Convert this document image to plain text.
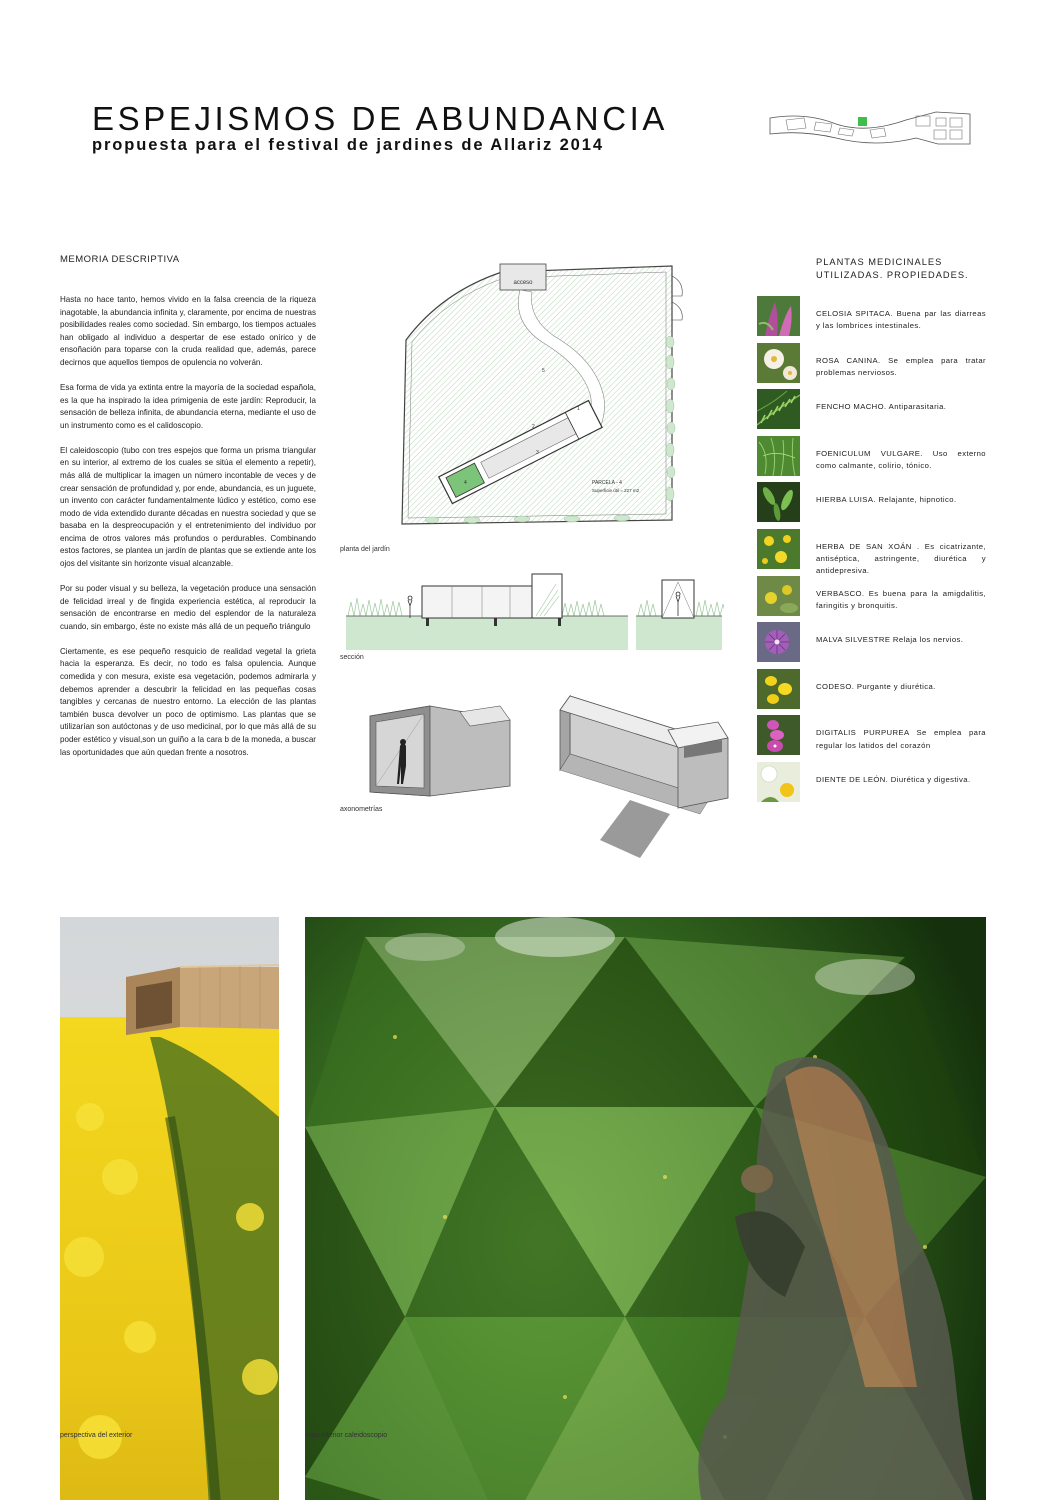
ESPEJISMOS DE ABUNDANCIA
propuesta para el festival de jardines de Allariz 2014
MEMORIA DESCRIPTIVA

Hasta no hace tanto, hemos vivido en la falsa creencia de la riqueza inagotable, la abundancia infinita y, claramente, por encima de nuestras posibilidades reales como sociedad. Sin embargo, los tiempos actuales han obligado al individuo a despertar de ese estado onírico y de ensoñación para toparse con la cruda realidad que, además, parece decirnos que aquellos tiempos de opulencia no volverán.

Esa forma de vida ya extinta entre la mayoría de la sociedad española, es la que ha inspirado la idea primigenia de este jardín: Reproducir, la sensación de belleza infinita, de abundancia eterna, mediante el uso de un instrumento como es el calidoscopio.

El caleidoscopio (tubo con tres espejos que forma un prisma triangular en su interior, al extremo de los cuales se sitúa el elemento a repetir), más allá de multiplicar la imagen un número incontable de veces y de crear sensación de profundidad y, por ende, abundancia, es un juguete, un invento con carácter fundamentalmente lúdico y estético, como ese modo de vida extendido durante décadas en nuestra sociedad y que se basaba en la despreocupación y el entretenimiento del individuo por encima de otros valores más profundos o perdurables. Combinando estos factores, se plantea un jardín de plantas que se extiende ante los ojos del visitante sin horizonte visual alcanzable.

Por su poder visual y su belleza, la vegetación produce una sensación de felicidad irreal y de fingida experiencia estética, al reproducir la sensación de encontrarse en medio del esplendor de la naturaleza cuando, sin embargo, éste no existe más allá de un pequeño triángulo

Ciertamente, es ese pequeño resquicio de realidad vegetal la grieta hacia la esperanza. Es decir, no todo es falsa opulencia. Aunque comedida y con mesura, existe esa vegetación, podemos admirarla y debemos aprender a descubrir la felicidad en las pequeñas cosas tangibles y cercanas de nuestro entorno. La elección de las plantas también busca devolver un poco de optimismo. Las plantas que se utilizarían son autóctonas y de uso medicinal, por lo que más allá de su poder estético y visual,son un guiño a la cara b de la moneda, a buscar las oportunidades que aún quedan frente a nosotros.

acceso
1
2
3
4
5
PARCELA - 4
Superficie útil = 227 m2
planta del jardín
sección
axonometrías
PLANTAS MEDICINALES
UTILIZADAS. PROPIEDADES.
CELOSIA SPITACA. Buena par las diarreas y las lombrices intestinales.
ROSA CANINA. Se emplea para tratar problemas nerviosos.
FENCHO MACHO. Antiparasitaria.
FOENICULUM VULGARE. Uso externo como calmante, colirio, tónico.
HIERBA LUISA. Relajante, hipnotico.
HERBA DE SAN XOÁN . Es cicatrizante, antiséptica, astringente, diurética y antidepresiva.
VERBASCO. Es buena para la amigdalitis, faringitis y bronquitis.
MALVA SILVESTRE Relaja los nervios.
CODESO. Purgante y diurética.
DIGITALIS PURPUREA Se emplea para regular los latidos del corazón
DIENTE DE LEÓN. Diurética y digestiva.
perspectiva del exterior	vista interior caleidoscopio
